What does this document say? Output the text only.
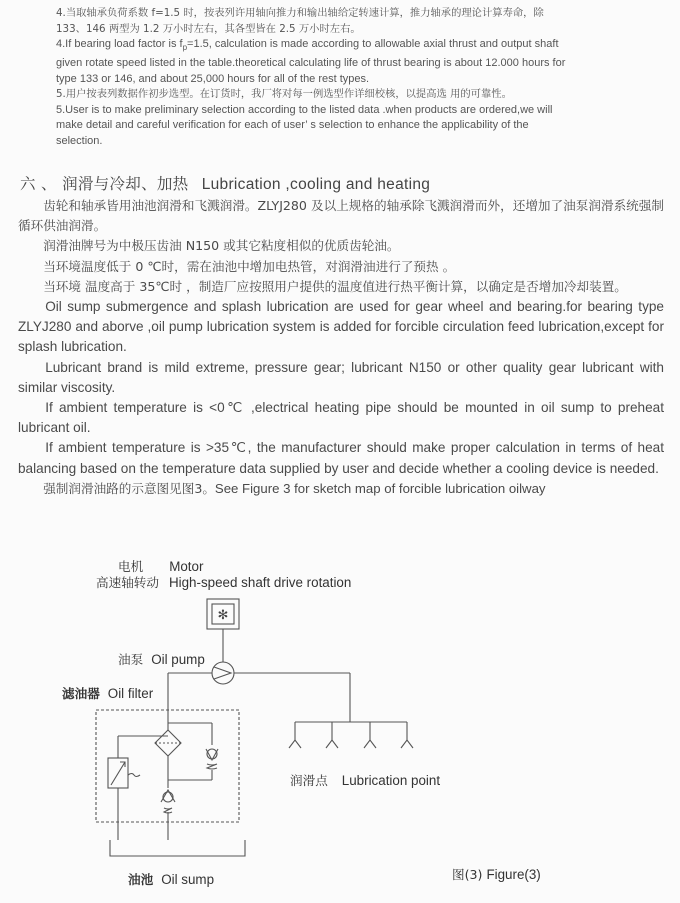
4.当取轴承负荷系数 f=1.5 时，按表列许用轴向推力和输出轴给定转速计算，推力轴承的理论计算寿命，除

133、146 两型为 1.2 万小时左右，其各型皆在 2.5 万小时左右。

4.If bearing load factor is $f_p=1.5$, calculation is made according to allowable axial thrust and output shaft

given rotate speed listed in the table.theoretical calculating life of thrust bearing is about 12.000 hours for

type 133 or 146, and about 25,000 hours for all of the rest types.

5.用户按表列数据作初步选型。在订货时，我厂将对每一例选型作详细校核，以提高选 用的可靠性。

5.User is to make preliminary selection according to the listed data .when products are ordered,we will

make detail and careful verification for each of user’ s selection to enhance the applicability of the

selection.

六 、 润滑与冷却、加热 Lubrication ,cooling and heating

齿轮和轴承皆用油池润滑和飞溅润滑。ZLYJ280 及以上规格的轴承除飞溅润滑而外，还增加了油泵润滑系统强制循环供油润滑。

润滑油牌号为中极压齿油 N150 或其它粘度相似的优质齿轮油。

当环境温度低于 0 ℃时，需在油池中增加电热管，对润滑油进行了预热 。

当环境 温度高于 35℃时 ，制造厂应按照用户提供的温度值进行热平衡计算，以确定是否增加冷却装置。

Oil sump submergence and splash lubrication are used for gear wheel and bearing.for bearing type ZLYJ280 and aborve ,oil pump lubrication system is added for forcible circulation feed lubrication,except for splash lubrication.

Lubricant brand is mild extreme, pressure gear; lubricant N150 or other quality gear lubricant with similar viscosity.

If ambient temperature is <0℃ ,electrical heating pipe should be mounted in oil sump to preheat lubricant oil.

If ambient temperature is >35℃, the manufacturer should make proper calculation in terms of heat balancing based on the temperature data supplied by user and decide whether a cooling device is needed.

强制润滑油路的示意图见图3。See Figure 3 for sketch map of forcible lubrication oilway

电机 Motor
高速轴转动 High-speed shaft drive rotation
油泵 Oil pump
滤油器 Oil filter
润滑点 Lubrication point
油池 Oil sump	图(3) Figure(3)
✻
